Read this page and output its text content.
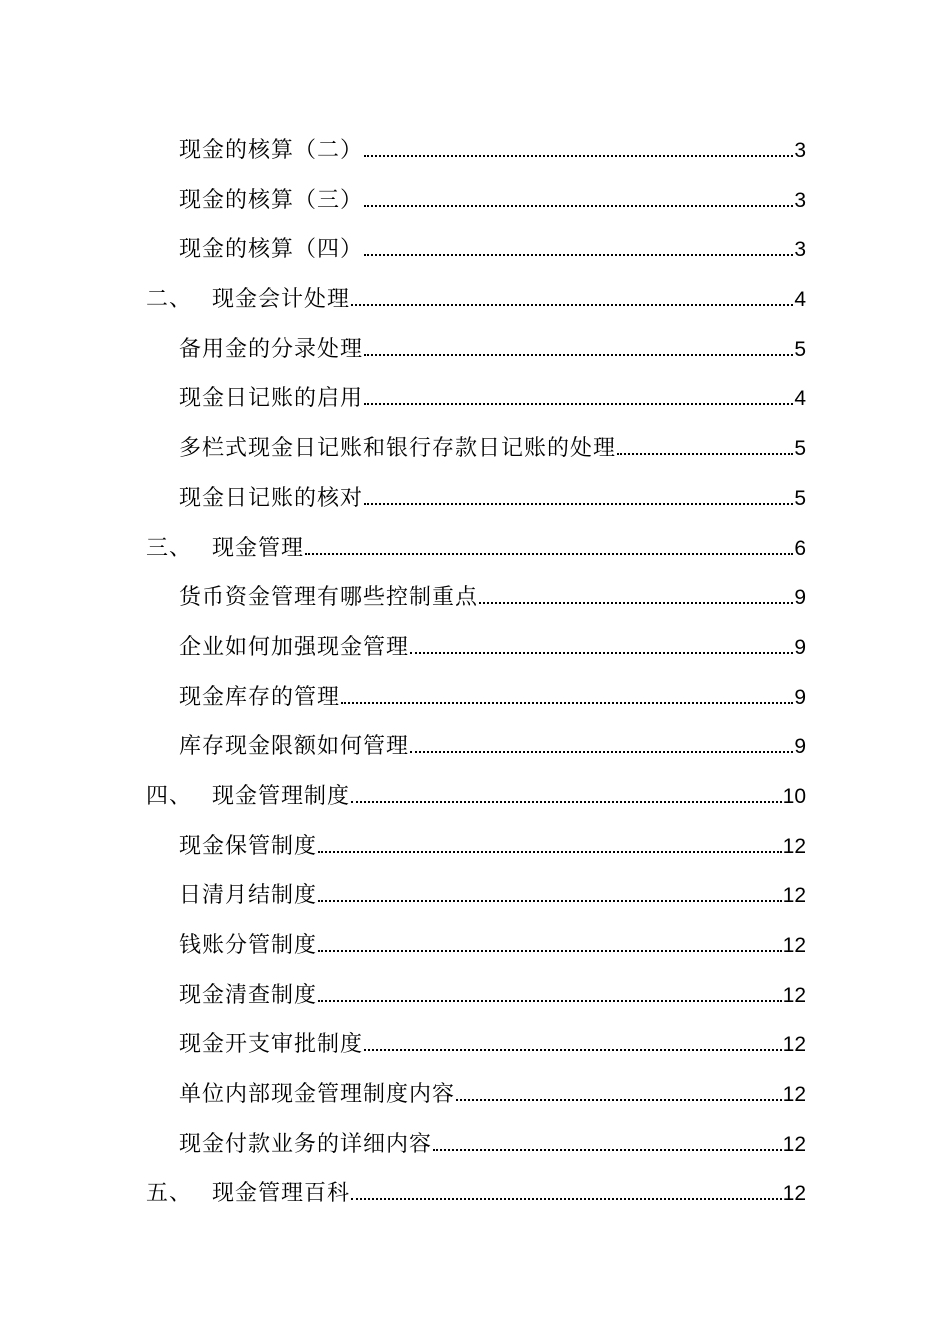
现金的核算（二）	3
现金的核算（三）	3
现金的核算（四）	3
二、 现金会计处理	4
备用金的分录处理	5
现金日记账的启用	4
多栏式现金日记账和银行存款日记账的处理	5
现金日记账的核对	5
三、 现金管理	6
货币资金管理有哪些控制重点	9
企业如何加强现金管理	9
现金库存的管理	9
库存现金限额如何管理	9
四、 现金管理制度	10
现金保管制度	12
日清月结制度	12
钱账分管制度	12
现金清查制度	12
现金开支审批制度	12
单位内部现金管理制度内容	12
现金付款业务的详细内容	12
五、 现金管理百科	12
